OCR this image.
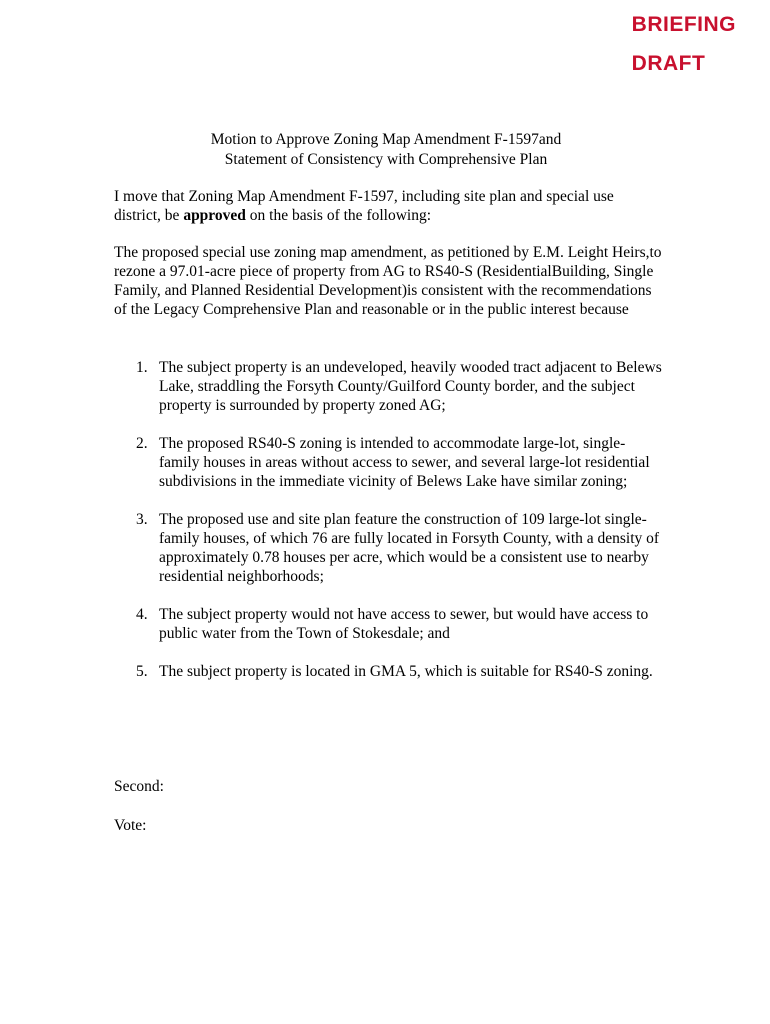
BRIEFING
DRAFT
Motion to Approve Zoning Map Amendment F-1597and
Statement of Consistency with Comprehensive Plan
I move that Zoning Map Amendment F-1597, including site plan and special use district, be approved on the basis of the following:
The proposed special use zoning map amendment, as petitioned by E.M. Leight Heirs,to rezone a 97.01-acre piece of property from AG to RS40-S (ResidentialBuilding, Single Family, and Planned Residential Development)is consistent with the recommendations of the Legacy Comprehensive Plan and reasonable or in the public interest because
1. The subject property is an undeveloped, heavily wooded tract adjacent to Belews Lake, straddling the Forsyth County/Guilford County border, and the subject property is surrounded by property zoned AG;
2. The proposed RS40-S zoning is intended to accommodate large-lot, single-family houses in areas without access to sewer, and several large-lot residential subdivisions in the immediate vicinity of Belews Lake have similar zoning;
3. The proposed use and site plan feature the construction of 109 large-lot single-family houses, of which 76 are fully located in Forsyth County, with a density of approximately 0.78 houses per acre, which would be a consistent use to nearby residential neighborhoods;
4. The subject property would not have access to sewer, but would have access to public water from the Town of Stokesdale; and
5. The subject property is located in GMA 5, which is suitable for RS40-S zoning.
Second:
Vote:
